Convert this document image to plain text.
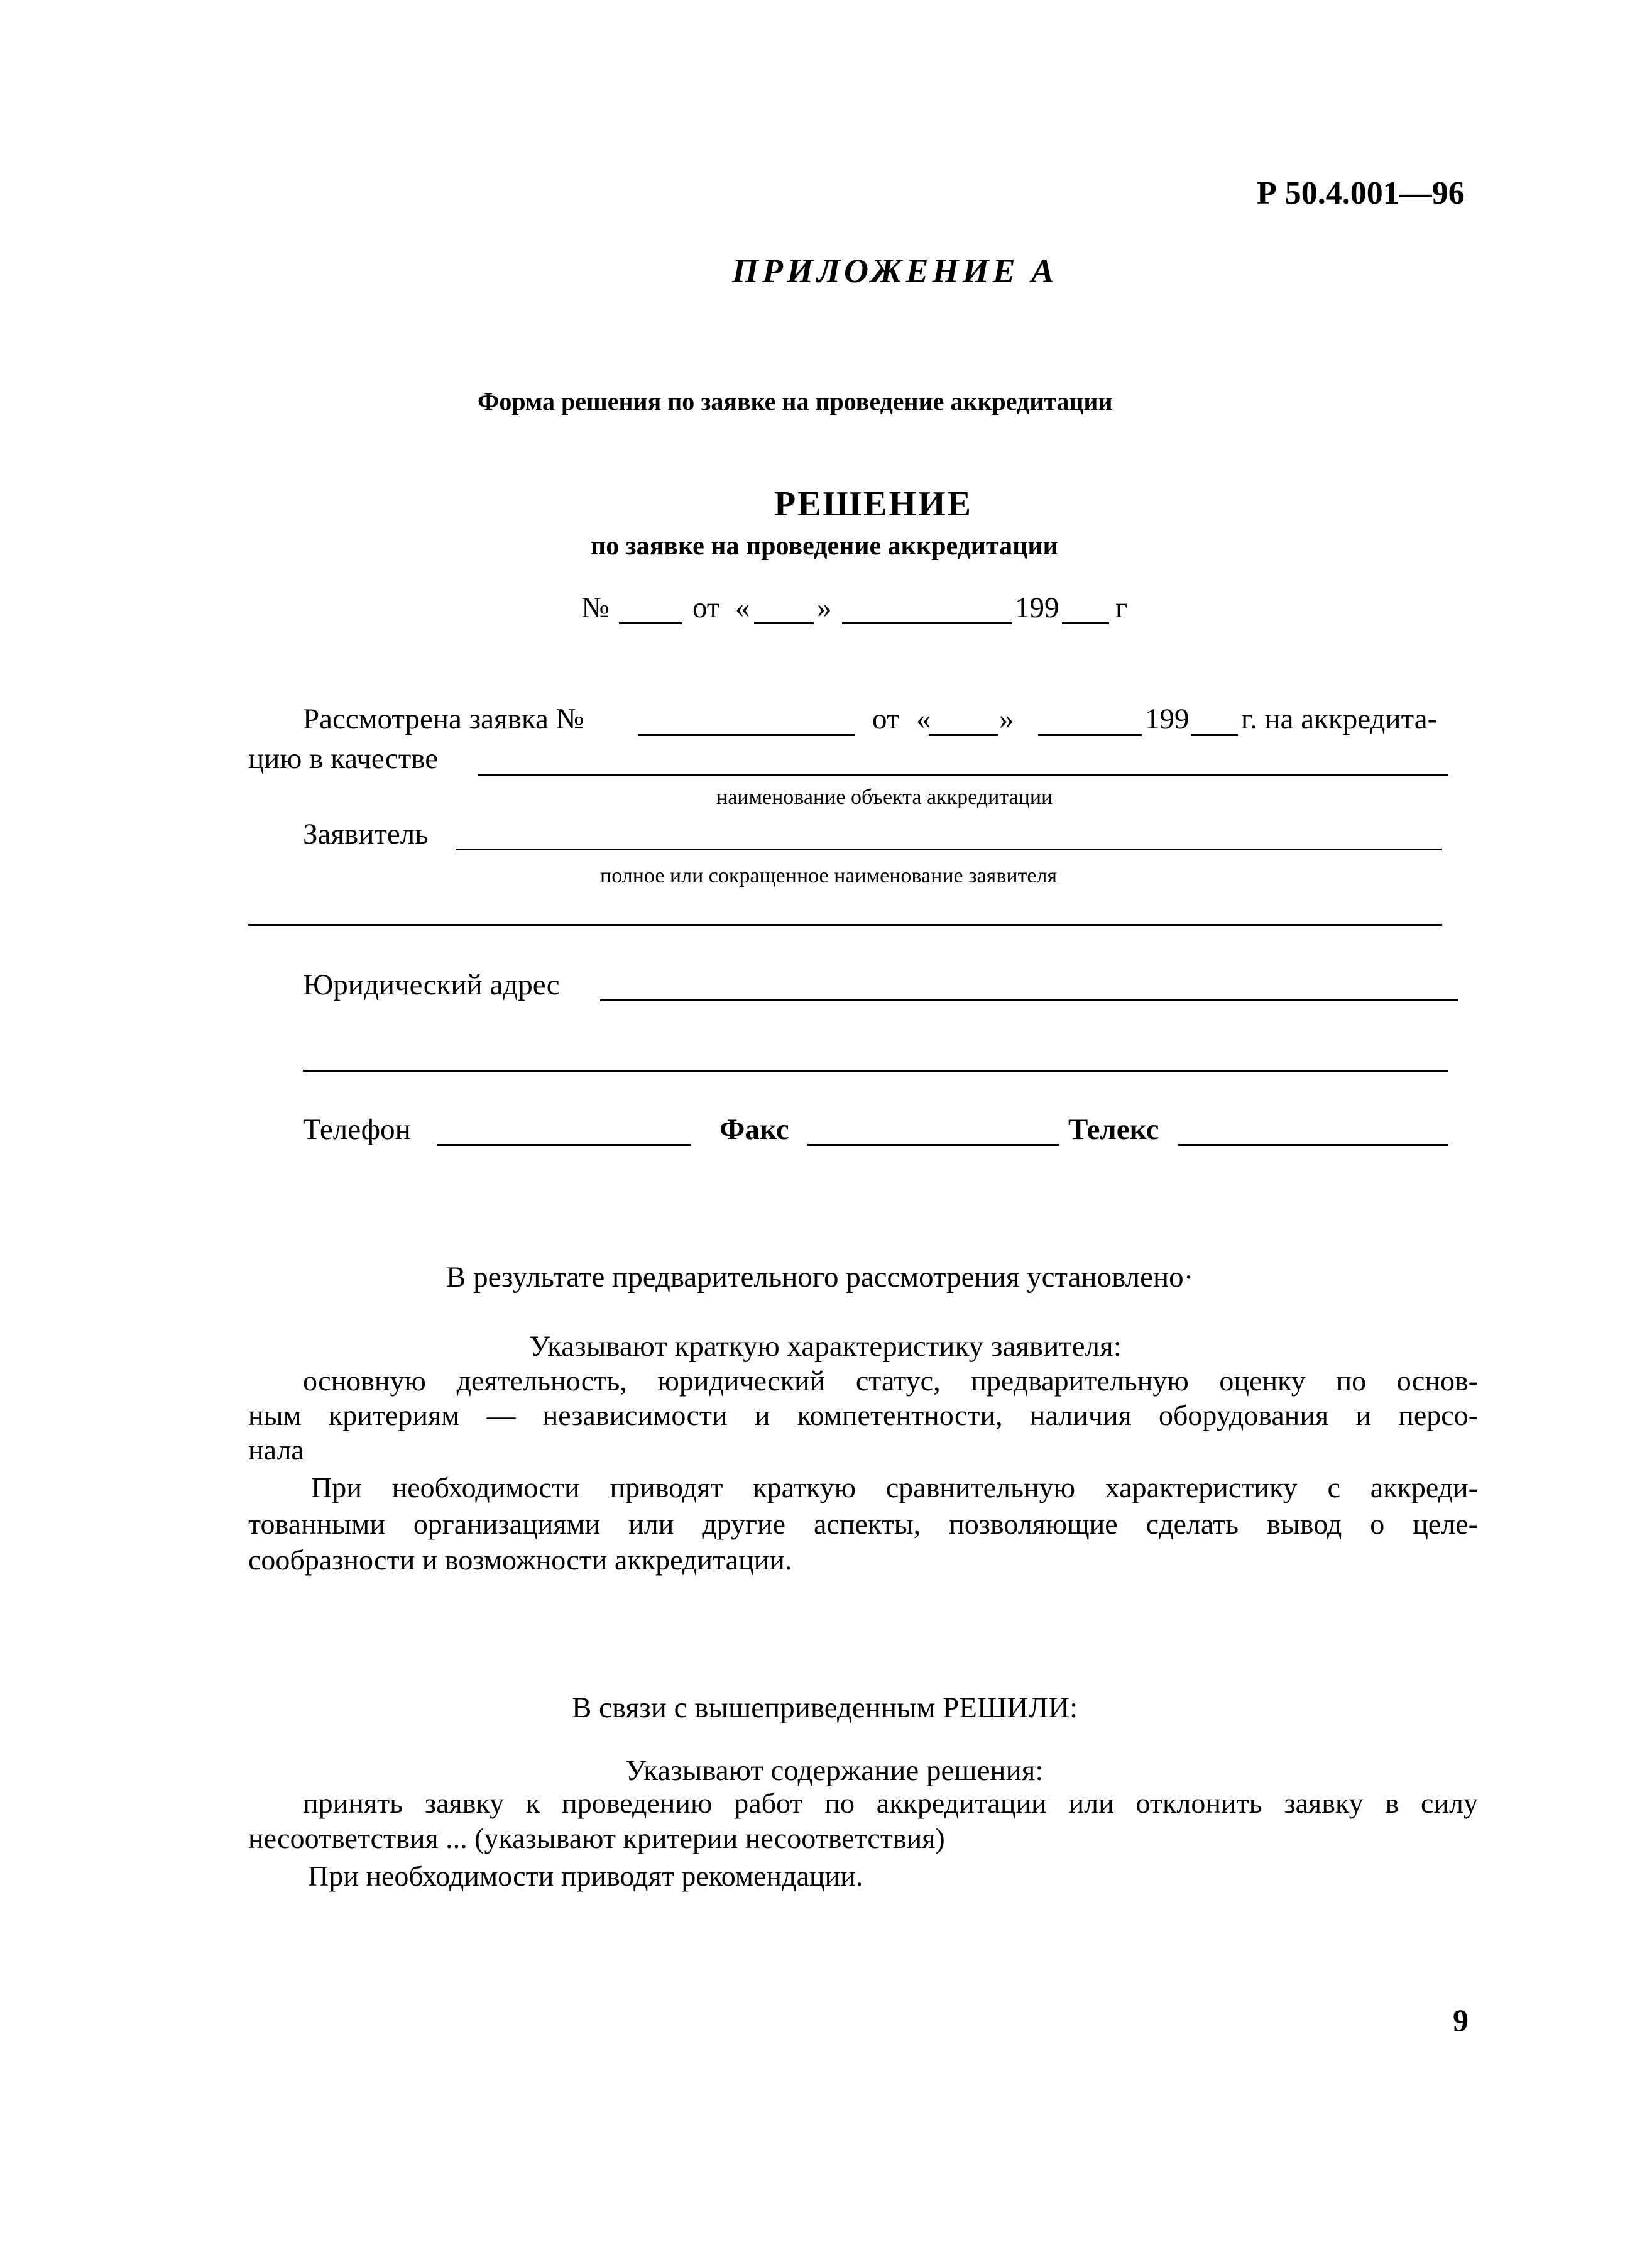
Р 50.4.001—96
ПРИЛОЖЕНИЕ А
Форма решения по заявке на проведение аккредитации
РЕШЕНИЕ
по заявке на проведение аккредитации
№	от « »	199 г
Рассмотрена заявка №	от « »	199 г. на аккредита-
цию в качестве
наименование объекта аккредитации
Заявитель
полное или сокращенное наименование заявителя
Юридический адрес
Телефон	Факс	Телекс
В результате предварительного рассмотрения установлено·
Указывают краткую характеристику заявителя:
основную деятельность, юридический статус, предварительную оценку по основ-
ным критериям — независимости и компетентности, наличия оборудования и персо-
нала
При необходимости приводят краткую сравнительную характеристику с аккреди-
тованными организациями или другие аспекты, позволяющие сделать вывод о целе-
сообразности и возможности аккредитации.
В связи с вышеприведенным РЕШИЛИ:
Указывают содержание решения:
принять заявку к проведению работ по аккредитации или отклонить заявку в силу
несоответствия ... (указывают критерии несоответствия)
При необходимости приводят рекомендации.
9
